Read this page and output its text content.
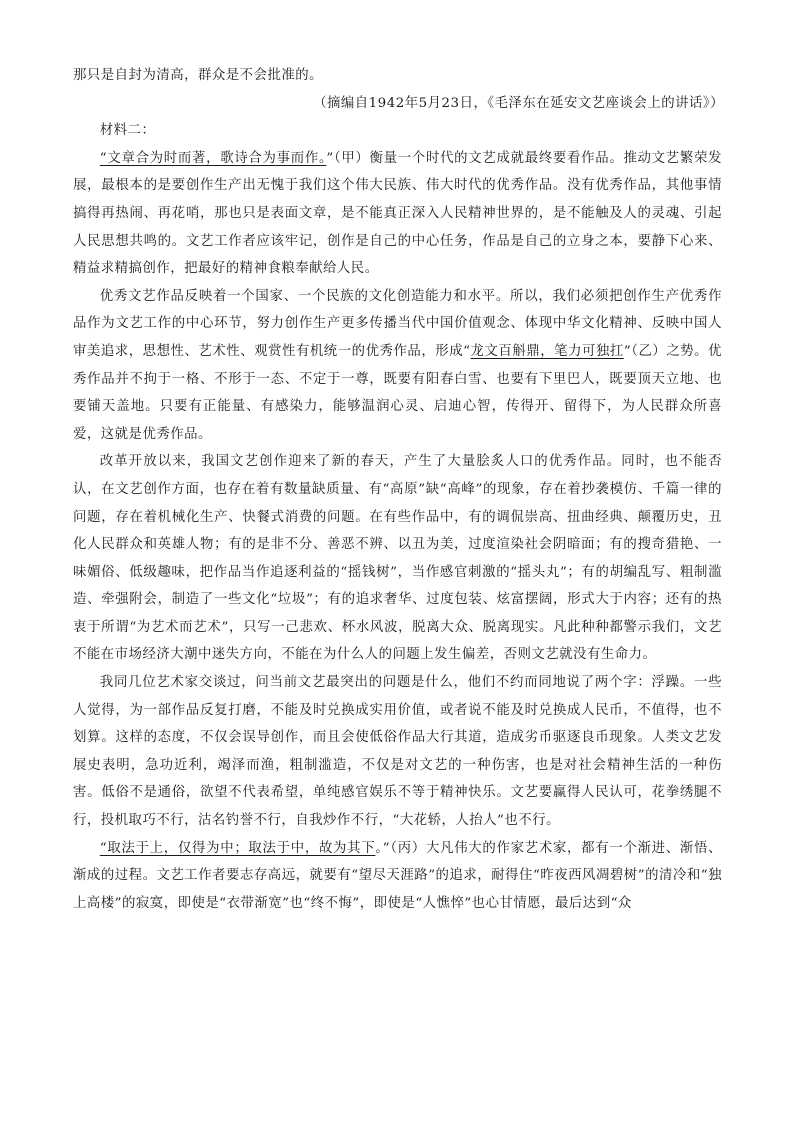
那只是自封为清高，群众是不会批准的。

（摘编自1942年5月23日，《毛泽东在延安文艺座谈会上的讲话》）

材料二：

“文章合为时而著，歌诗合为事而作。”（甲）衡量一个时代的文艺成就最终要看作品。推动文艺繁荣发展，最根本的是要创作生产出无愧于我们这个伟大民族、伟大时代的优秀作品。没有优秀作品，其他事情搞得再热闹、再花哨，那也只是表面文章，是不能真正深入人民精神世界的，是不能触及人的灵魂、引起人民思想共鸣的。文艺工作者应该牢记，创作是自己的中心任务，作品是自己的立身之本，要静下心来、精益求精搞创作，把最好的精神食粮奉献给人民。

优秀文艺作品反映着一个国家、一个民族的文化创造能力和水平。所以，我们必须把创作生产优秀作品作为文艺工作的中心环节，努力创作生产更多传播当代中国价值观念、体现中华文化精神、反映中国人审美追求，思想性、艺术性、观赏性有机统一的优秀作品，形成“龙文百斛鼎，笔力可独扛”（乙）之势。优秀作品并不拘于一格、不形于一态、不定于一尊，既要有阳春白雪、也要有下里巴人，既要顶天立地、也要铺天盖地。只要有正能量、有感染力，能够温润心灵、启迪心智，传得开、留得下，为人民群众所喜爱，这就是优秀作品。

改革开放以来，我国文艺创作迎来了新的春天，产生了大量脍炙人口的优秀作品。同时，也不能否认，在文艺创作方面，也存在着有数量缺质量、有“高原”缺“高峰”的现象，存在着抄袭模仿、千篇一律的问题，存在着机械化生产、快餐式消费的问题。在有些作品中，有的调侃崇高、扭曲经典、颠覆历史，丑化人民群众和英雄人物；有的是非不分、善恶不辨、以丑为美，过度渲染社会阴暗面；有的搜奇猎艳、一味媚俗、低级趣味，把作品当作追逐利益的“摇钱树”，当作感官刺激的“摇头丸”；有的胡编乱写、粗制滥造、牵强附会，制造了一些文化“垃圾”；有的追求奢华、过度包装、炫富摆阔，形式大于内容；还有的热衷于所谓“为艺术而艺术”，只写一己悲欢、杯水风波，脱离大众、脱离现实。凡此种种都警示我们，文艺不能在市场经济大潮中迷失方向，不能在为什么人的问题上发生偏差，否则文艺就没有生命力。

我同几位艺术家交谈过，问当前文艺最突出的问题是什么，他们不约而同地说了两个字：浮躁。一些人觉得，为一部作品反复打磨，不能及时兑换成实用价值，或者说不能及时兑换成人民币，不值得，也不划算。这样的态度，不仅会误导创作，而且会使低俗作品大行其道，造成劣币驱逐良币现象。人类文艺发展史表明，急功近利，竭泽而渔，粗制滥造，不仅是对文艺的一种伤害，也是对社会精神生活的一种伤害。低俗不是通俗，欲望不代表希望，单纯感官娱乐不等于精神快乐。文艺要赢得人民认可，花拳绣腿不行，投机取巧不行，沽名钓誉不行，自我炒作不行，“大花轿，人抬人”也不行。

“取法于上，仅得为中；取法于中，故为其下。”（丙）大凡伟大的作家艺术家，都有一个渐进、渐悟、渐成的过程。文艺工作者要志存高远，就要有“望尽天涯路”的追求，耐得住“昨夜西风凋碧树”的清冷和“独上高楼”的寂寞，即使是“衣带渐宽”也“终不悔”，即使是“人憔悴”也心甘情愿，最后达到“众
